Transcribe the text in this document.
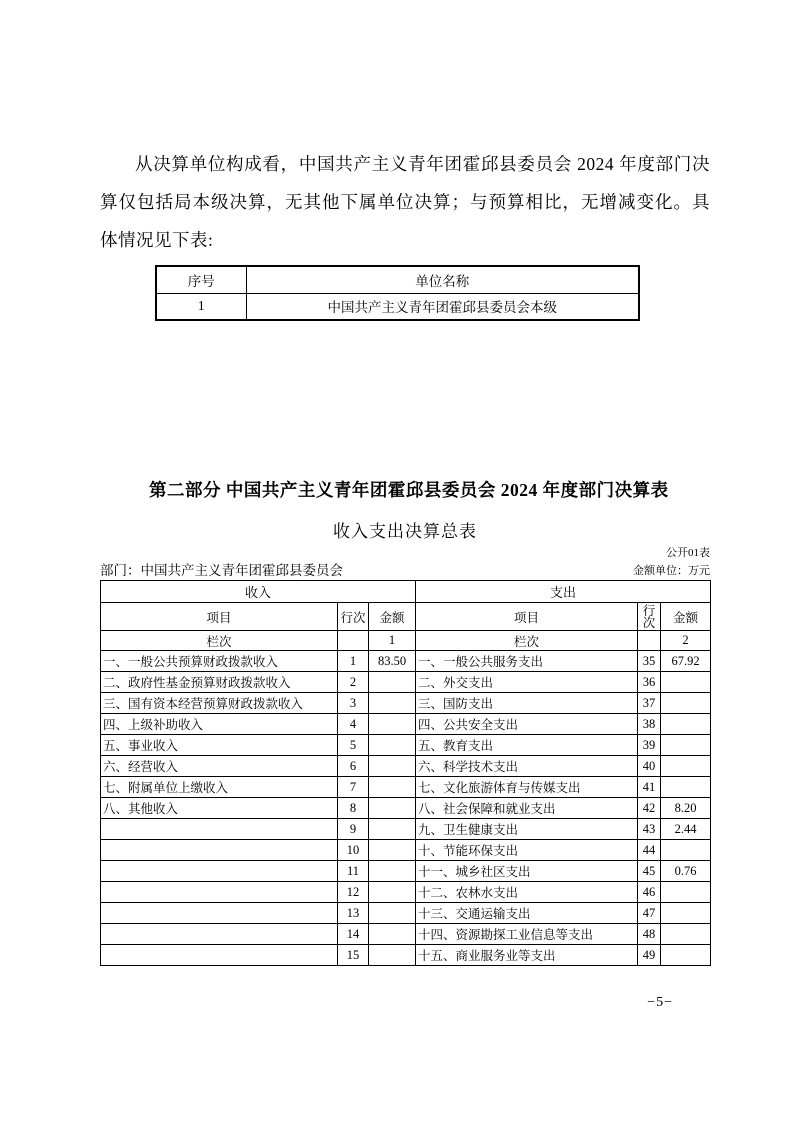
从决算单位构成看，中国共产主义青年团霍邱县委员会 2024 年度部门决算仅包括局本级决算，无其他下属单位决算；与预算相比，无增减变化。具体情况见下表:

序号	单位名称
1	中国共产主义青年团霍邱县委员会本级

第二部分 中国共产主义青年团霍邱县委员会 2024 年度部门决算表

收入支出决算总表

公开01表
部门：中国共产主义青年团霍邱县委员会	金额单位：万元
收入			支出		
项目	行次	金额	项目	行次	金额
栏次		1	栏次		2
一、一般公共预算财政拨款收入	1	83.50	一、一般公共服务支出	35	67.92
二、政府性基金预算财政拨款收入	2		二、外交支出	36	
三、国有资本经营预算财政拨款收入	3		三、国防支出	37	
四、上级补助收入	4		四、公共安全支出	38	
五、事业收入	5		五、教育支出	39	
六、经营收入	6		六、科学技术支出	40	
七、附属单位上缴收入	7		七、文化旅游体育与传媒支出	41	
八、其他收入	8		八、社会保障和就业支出	42	8.20
	9		九、卫生健康支出	43	2.44
	10		十、节能环保支出	44	
	11		十一、城乡社区支出	45	0.76
	12		十二、农林水支出	46	
	13		十三、交通运输支出	47	
	14		十四、资源勘探工业信息等支出	48	
	15		十五、商业服务业等支出	49	
−5−
